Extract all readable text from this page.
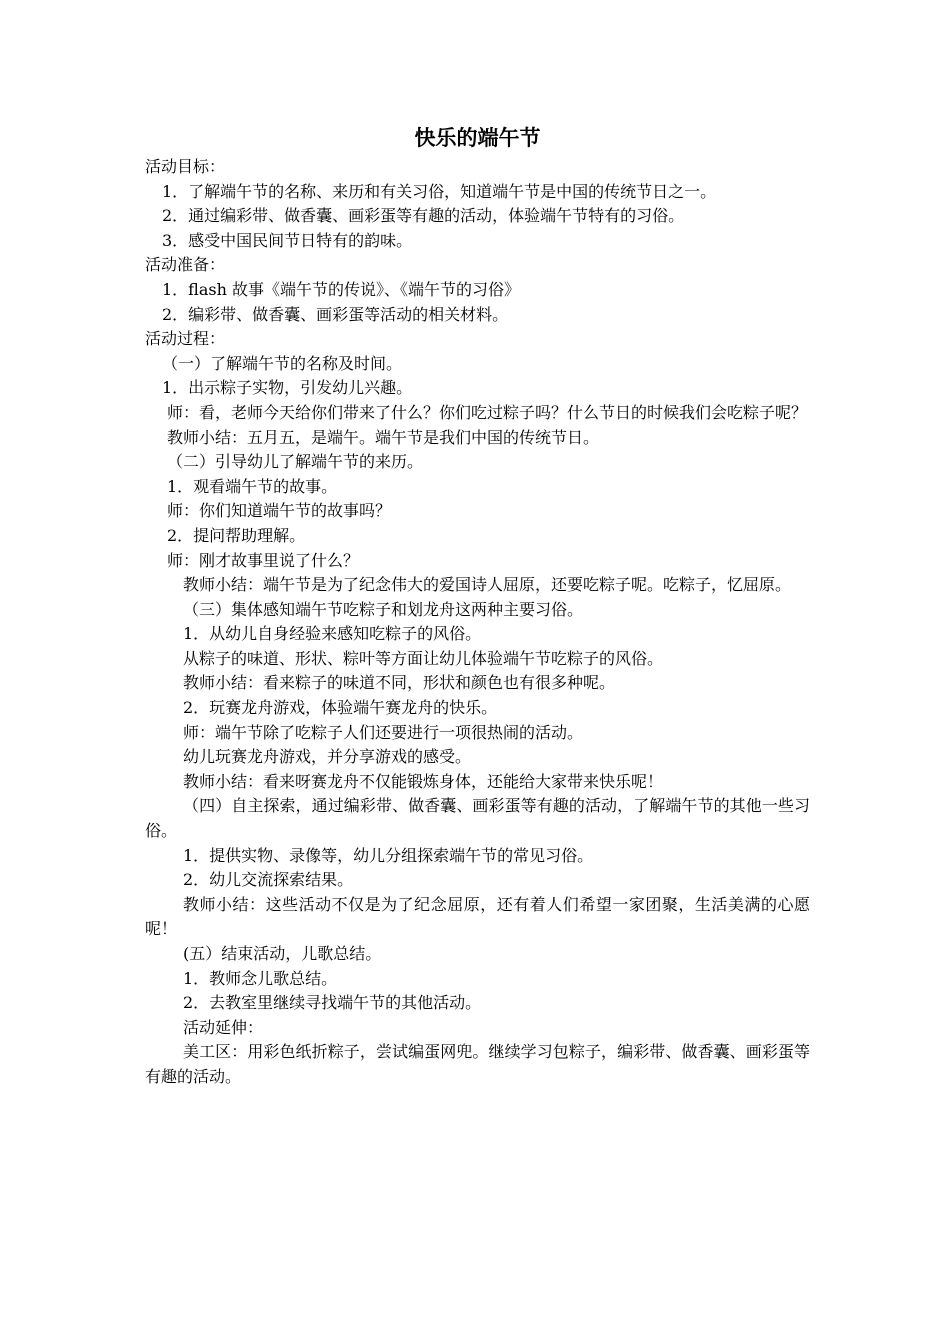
快乐的端午节
活动目标：
1．了解端午节的名称、来历和有关习俗，知道端午节是中国的传统节日之一。
2．通过编彩带、做香囊、画彩蛋等有趣的活动，体验端午节特有的习俗。
3．感受中国民间节日特有的韵味。
活动准备：
1．flash 故事《端午节的传说》、《端午节的习俗》
2．编彩带、做香囊、画彩蛋等活动的相关材料。
活动过程：
（一）了解端午节的名称及时间。
1．出示粽子实物，引发幼儿兴趣。
师：看，老师今天给你们带来了什么？你们吃过粽子吗？什么节日的时候我们会吃粽子呢？
教师小结：五月五，是端午。端午节是我们中国的传统节日。
（二）引导幼儿了解端午节的来历。
1．观看端午节的故事。
师：你们知道端午节的故事吗？
2．提问帮助理解。
师：刚才故事里说了什么？
教师小结：端午节是为了纪念伟大的爱国诗人屈原，还要吃粽子呢。吃粽子，忆屈原。
（三）集体感知端午节吃粽子和划龙舟这两种主要习俗。
1．从幼儿自身经验来感知吃粽子的风俗。
从粽子的味道、形状、粽叶等方面让幼儿体验端午节吃粽子的风俗。
教师小结：看来粽子的味道不同，形状和颜色也有很多种呢。
2．玩赛龙舟游戏，体验端午赛龙舟的快乐。
师：端午节除了吃粽子人们还要进行一项很热闹的活动。
幼儿玩赛龙舟游戏，并分享游戏的感受。
教师小结：看来呀赛龙舟不仅能锻炼身体，还能给大家带来快乐呢！
（四）自主探索，通过编彩带、做香囊、画彩蛋等有趣的活动，了解端午节的其他一些习俗。
1．提供实物、录像等，幼儿分组探索端午节的常见习俗。
2．幼儿交流探索结果。
教师小结：这些活动不仅是为了纪念屈原，还有着人们希望一家团聚，生活美满的心愿呢！
(五）结束活动，儿歌总结。
1．教师念儿歌总结。
2．去教室里继续寻找端午节的其他活动。
活动延伸：
美工区：用彩色纸折粽子，尝试编蛋网兜。继续学习包粽子，编彩带、做香囊、画彩蛋等有趣的活动。
